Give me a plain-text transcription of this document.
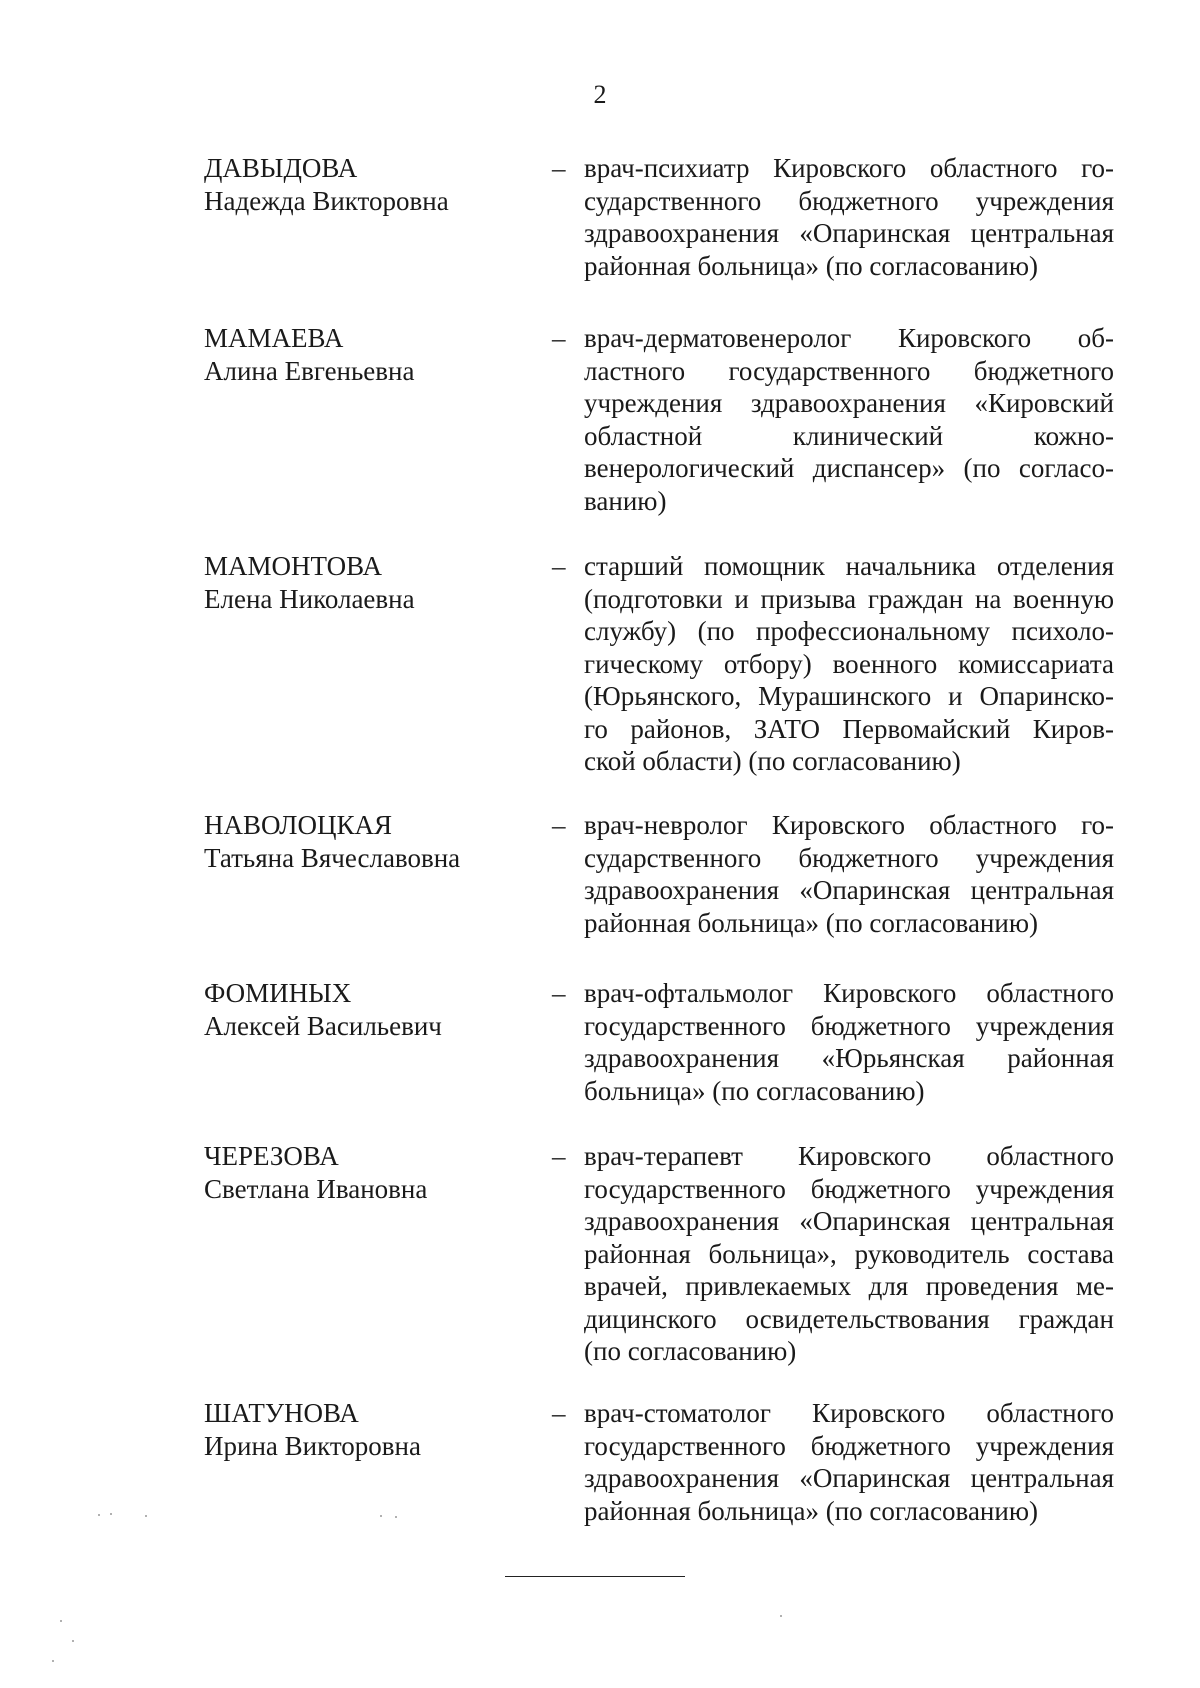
2
ДАВЫДОВА
Надежда Викторовна
– врач-психиатр Кировского областного го-
сударственного бюджетного учреждения
здравоохранения «Опаринская центральная
районная больница» (по согласованию)
МАМАЕВА
Алина Евгеньевна
– врач-дерматовенеролог Кировского об-
ластного государственного бюджетного
учреждения здравоохранения «Кировский
областной клинический кожно-
венерологический диспансер» (по согласо-
ванию)
МАМОНТОВА
Елена Николаевна
– старший помощник начальника отделения
(подготовки и призыва граждан на военную
службу) (по профессиональному психоло-
гическому отбору) военного комиссариата
(Юрьянского, Мурашинского и Опаринско-
го районов, ЗАТО Первомайский Киров-
ской области) (по согласованию)
НАВОЛОЦКАЯ
Татьяна Вячеславовна
– врач-невролог Кировского областного го-
сударственного бюджетного учреждения
здравоохранения «Опаринская центральная
районная больница» (по согласованию)
ФОМИНЫХ
Алексей Васильевич
– врач-офтальмолог Кировского областного
государственного бюджетного учреждения
здравоохранения «Юрьянская районная
больница» (по согласованию)
ЧЕРЕЗОВА
Светлана Ивановна
– врач-терапевт Кировского областного
государственного бюджетного учреждения
здравоохранения «Опаринская центральная
районная больница», руководитель состава
врачей, привлекаемых для проведения ме-
дицинского освидетельствования граждан
(по согласованию)
ШАТУНОВА
Ирина Викторовна
– врач-стоматолог Кировского областного
государственного бюджетного учреждения
здравоохранения «Опаринская центральная
районная больница» (по согласованию)
